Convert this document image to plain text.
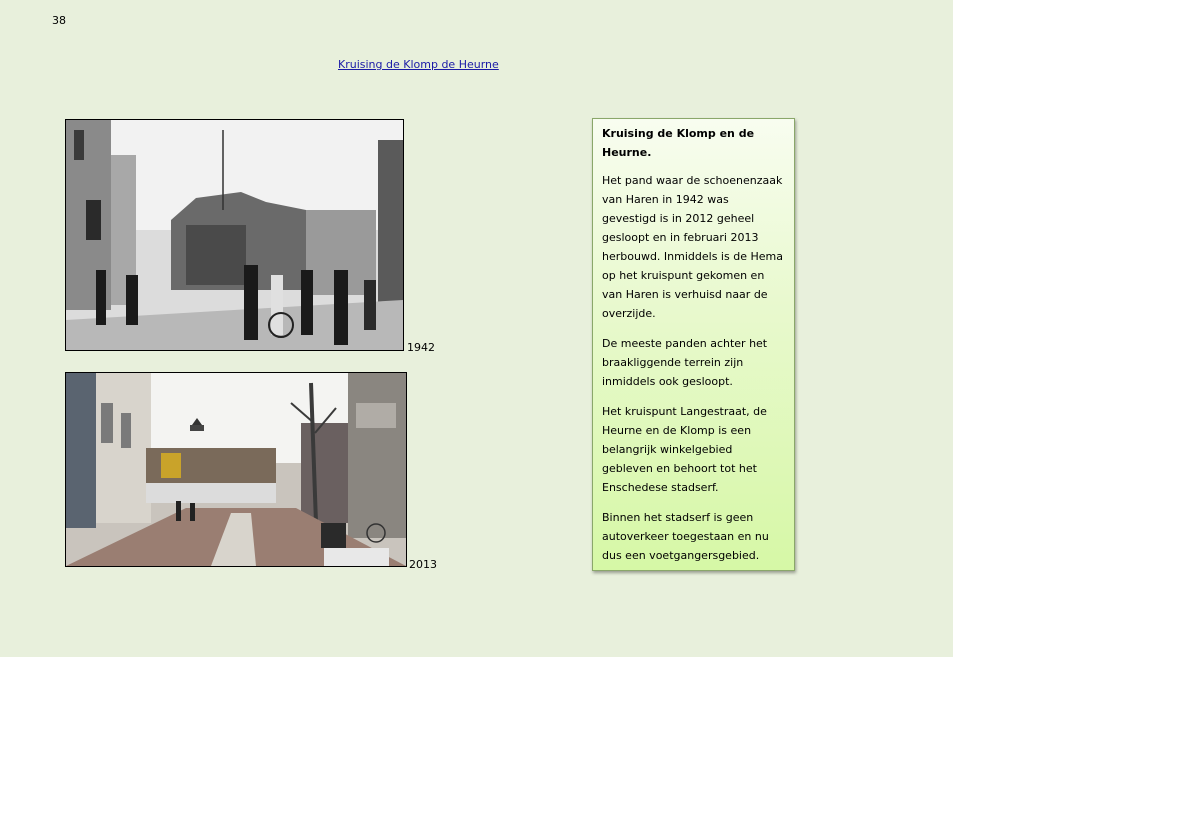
38
Kruising de Klomp de Heurne
1942
2013

Kruising de Klomp en de Heurne.

Het pand waar de schoenenzaak van Haren in 1942 was gevestigd is in 2012 geheel gesloopt en in februari 2013 herbouwd. Inmiddels is de Hema op het kruispunt gekomen en van Haren is verhuisd naar de overzijde.

De meeste panden achter het braakliggende terrein zijn inmiddels ook gesloopt.

Het kruispunt Langestraat, de Heurne en de Klomp is een belangrijk winkelgebied gebleven en behoort tot het Enschedese stadserf.

Binnen het stadserf is geen autoverkeer toegestaan en nu dus een voetgangersgebied.
